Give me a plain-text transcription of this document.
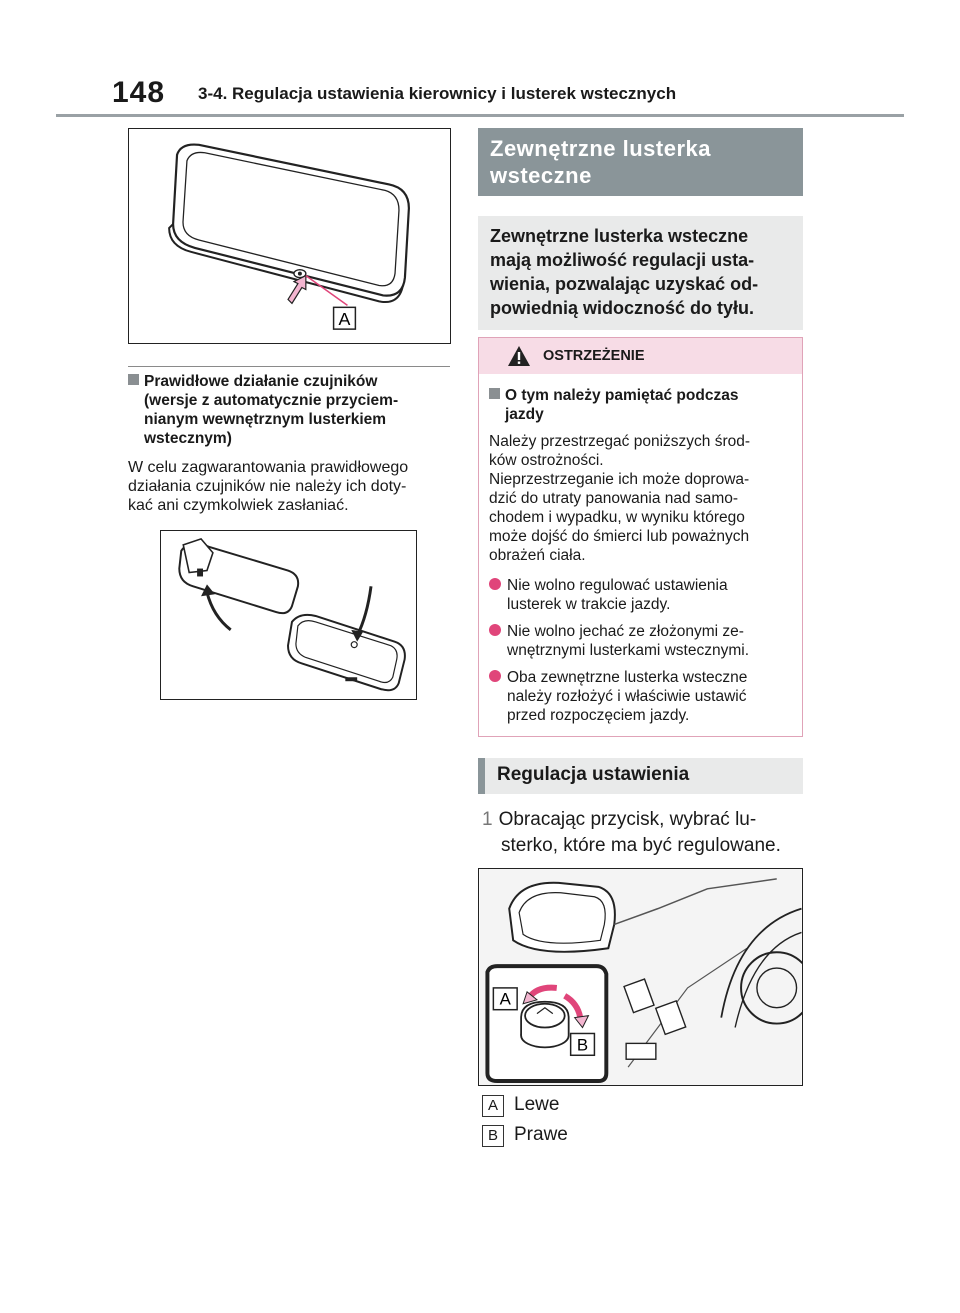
148 3-4. Regulacja ustawienia kierownicy i lusterek wstecznych
A
Prawidłowe działanie czujników
(wersje z automatycznie przyciem-
nianym wewnętrznym lusterkiem
wstecznym)
W celu zagwarantowania prawidłowego
działania czujników nie należy ich doty-
kać ani czymkolwiek zasłaniać.
Zewnętrzne lusterka
wsteczne
Zewnętrzne lusterka wsteczne
mają możliwość regulacji usta-
wienia, pozwalając uzyskać od-
powiednią widoczność do tyłu.
OSTRZEŻENIE
O tym należy pamiętać podczas
jazdy
Należy przestrzegać poniższych środ-
ków ostrożności.
Nieprzestrzeganie ich może doprowa-
dzić do utraty panowania nad samo-
chodem i wypadku, w wyniku którego
może dojść do śmierci lub poważnych
obrażeń ciała.
Nie wolno regulować ustawienia
lusterek w trakcie jazdy.
Nie wolno jechać ze złożonymi ze-
wnętrznymi lusterkami wstecznymi.
Oba zewnętrzne lusterka wsteczne
należy rozłożyć i właściwie ustawić
przed rozpoczęciem jazdy.
Regulacja ustawienia
1 Obracając przycisk, wybrać lu-
sterko, które ma być regulowane.
A
B
A Lewe
B Prawe
